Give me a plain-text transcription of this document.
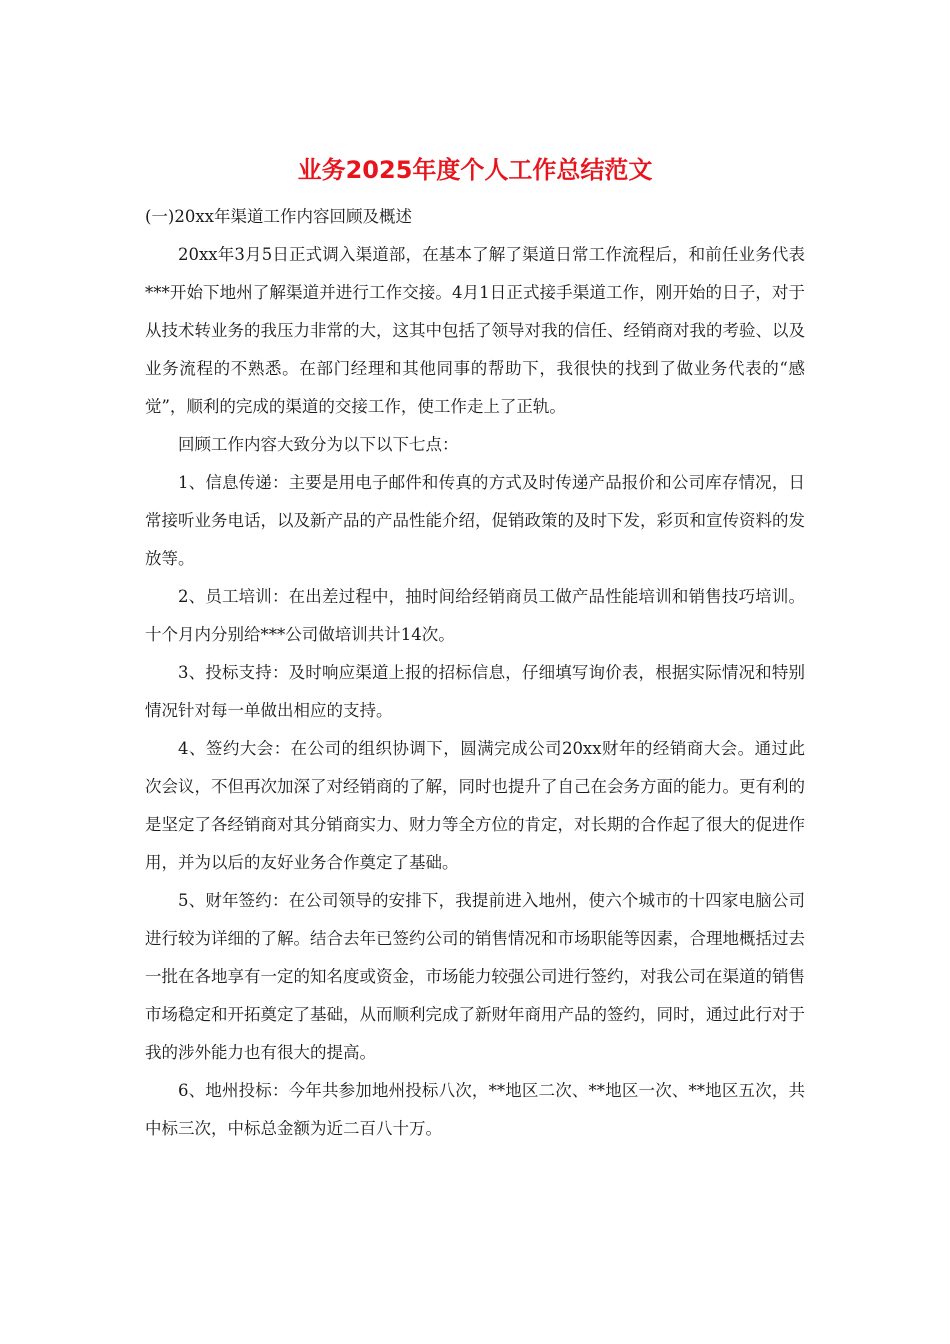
业务2025年度个人工作总结范文

(一)20xx年渠道工作内容回顾及概述

20xx年3月5日正式调入渠道部，在基本了解了渠道日常工作流程后，和前任业务代表***开始下地州了解渠道并进行工作交接。4月1日正式接手渠道工作，刚开始的日子，对于从技术转业务的我压力非常的大，这其中包括了领导对我的信任、经销商对我的考验、以及业务流程的不熟悉。在部门经理和其他同事的帮助下，我很快的找到了做业务代表的“感觉”，顺利的完成的渠道的交接工作，使工作走上了正轨。

回顾工作内容大致分为以下以下七点：

1、信息传递：主要是用电子邮件和传真的方式及时传递产品报价和公司库存情况，日常接听业务电话，以及新产品的产品性能介绍，促销政策的及时下发，彩页和宣传资料的发放等。

2、员工培训：在出差过程中，抽时间给经销商员工做产品性能培训和销售技巧培训。十个月内分别给***公司做培训共计14次。

3、投标支持：及时响应渠道上报的招标信息，仔细填写询价表，根据实际情况和特别情况针对每一单做出相应的支持。

4、签约大会：在公司的组织协调下，圆满完成公司20xx财年的经销商大会。通过此次会议，不但再次加深了对经销商的了解，同时也提升了自己在会务方面的能力。更有利的是坚定了各经销商对其分销商实力、财力等全方位的肯定，对长期的合作起了很大的促进作用，并为以后的友好业务合作奠定了基础。

5、财年签约：在公司领导的安排下，我提前进入地州，使六个城市的十四家电脑公司进行较为详细的了解。结合去年已签约公司的销售情况和市场职能等因素，合理地概括过去一批在各地享有一定的知名度或资金，市场能力较强公司进行签约，对我公司在渠道的销售市场稳定和开拓奠定了基础，从而顺利完成了新财年商用产品的签约，同时，通过此行对于我的涉外能力也有很大的提高。

6、地州投标：今年共参加地州投标八次，**地区二次、**地区一次、**地区五次，共中标三次，中标总金额为近二百八十万。
